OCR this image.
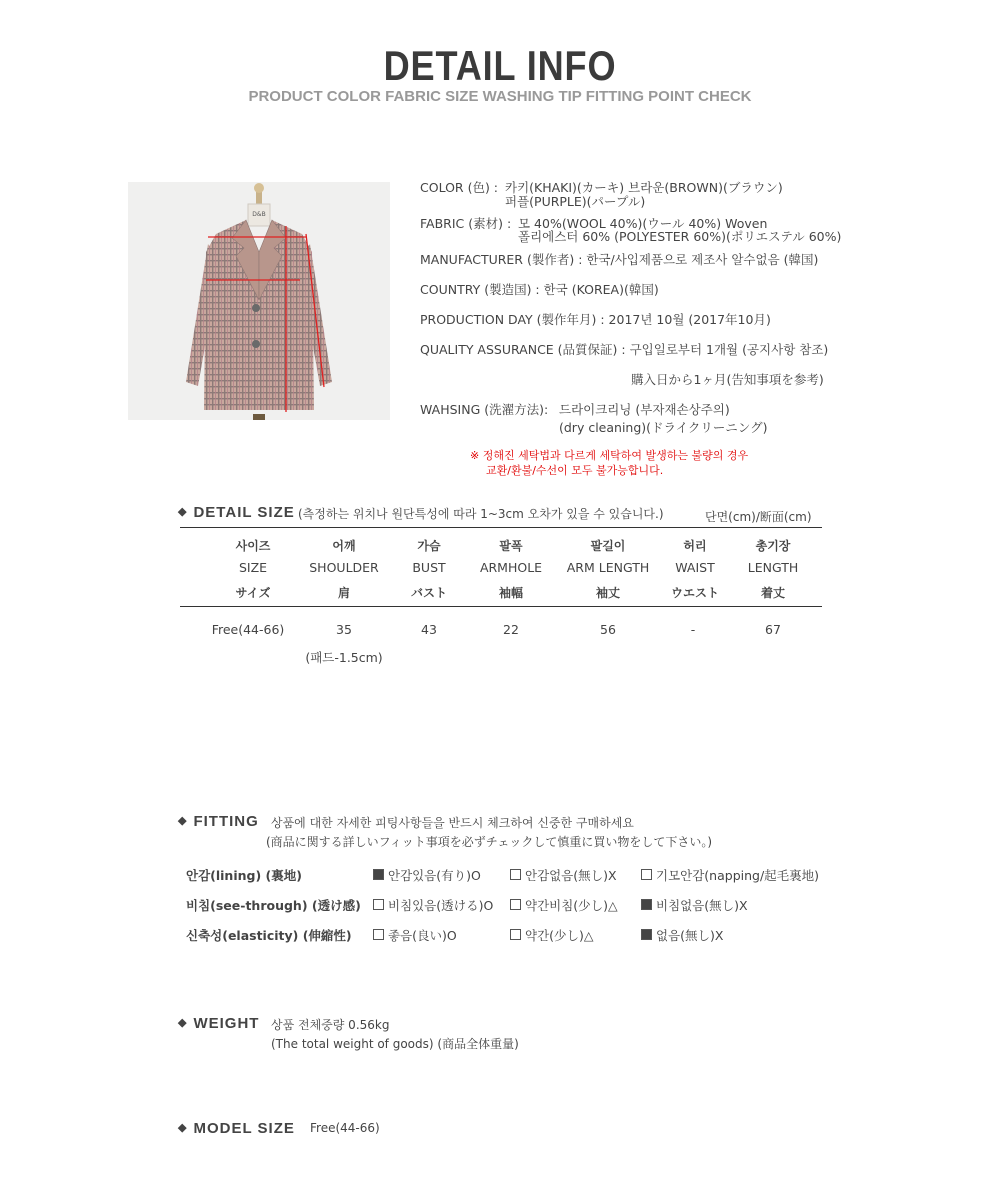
DETAIL INFO
PRODUCT COLOR FABRIC SIZE WASHING TIP FITTING POINT CHECK
D&B
COLOR (色) : 카키(KHAKI)(カーキ) 브라운(BROWN)(ブラウン)
퍼플(PURPLE)(パープル)
FABRIC (素材) : 모 40%(WOOL 40%)(ウール 40%) Woven
폴리에스터 60% (POLYESTER 60%)(ポリエステル 60%)
MANUFACTURER (製作者) : 한국/사입제품으로 제조사 알수없음 (韓国)
COUNTRY (製造国) : 한국 (KOREA)(韓国)
PRODUCTION DAY (製作年月) : 2017년 10월 (2017年10月)
QUALITY ASSURANCE (品質保証) : 구입일로부터 1개월 (공지사항 참조)
購入日から1ヶ月(告知事項を参考)
WAHSING (洗濯方法): 드라이크리닝 (부자재손상주의)
(dry cleaning)(ドライクリーニング)
※ 정해진 세탁법과 다르게 세탁하여 발생하는 불량의 경우
교환/환불/수선이 모두 불가능합니다.
◆ DETAIL SIZE (측정하는 위치나 원단특성에 따라 1~3cm 오차가 있을 수 있습니다.)	단면(cm)/断面(cm)
사이즈	어깨	가슴	팔폭	팔길이	허리	총기장
SIZE	SHOULDER	BUST	ARMHOLE	ARM LENGTH	WAIST	LENGTH
サイズ	肩	バスト	袖幅	袖丈	ウエスト	着丈
Free(44-66)	35	43	22	56	-	67
(패드-1.5cm)
◆ FITTING 상품에 대한 자세한 피팅사항들을 반드시 체크하여 신중한 구매하세요
(商品に関する詳しいフィット事項を必ずチェックして慎重に買い物をして下さい。)
안감(lining) (裏地)	안감있음(有り)O	안감없음(無し)X	기모안감(napping/起毛裏地)
비침(see-through) (透け感)	비침있음(透ける)O	약간비침(少し)△	비침없음(無し)X
신축성(elasticity) (伸縮性)	좋음(良い)O	약간(少し)△	없음(無し)X
◆ WEIGHT 상품 전체중량 0.56kg
(The total weight of goods) (商品全体重量)
◆ MODEL SIZE Free(44-66)
